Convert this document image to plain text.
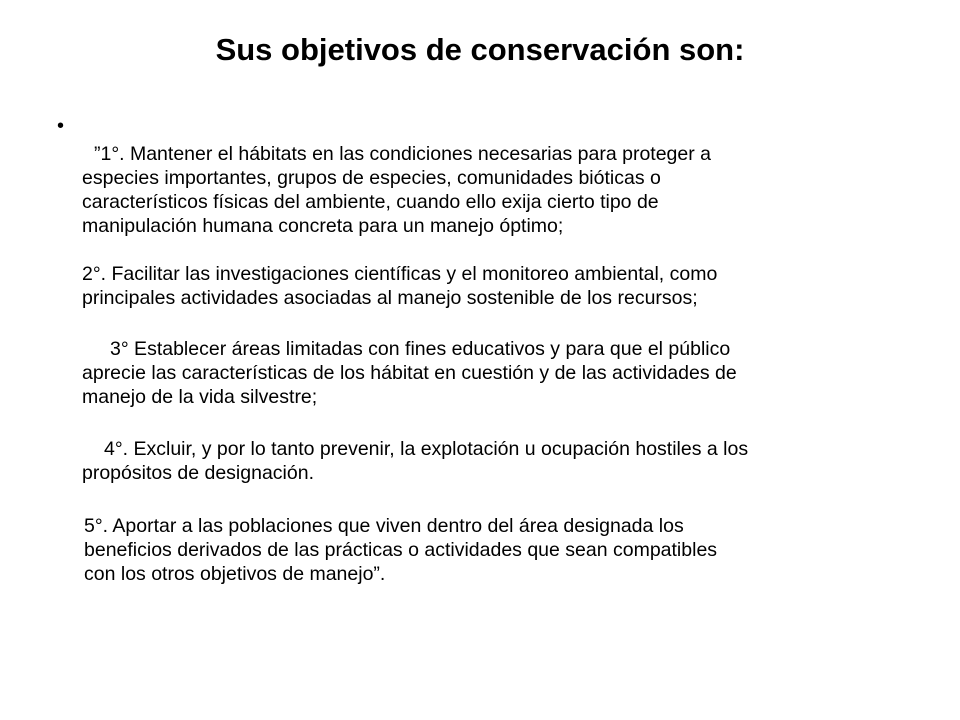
Sus objetivos de conservación son:
•

”1°. Mantener el hábitats en las condiciones necesarias para proteger a
especies importantes, grupos de especies, comunidades bióticas o
característicos físicas del ambiente, cuando ello exija cierto tipo de
manipulación humana concreta para un manejo óptimo;

2°. Facilitar las investigaciones científicas y el monitoreo ambiental, como
principales actividades asociadas al manejo sostenible de los recursos;

3° Establecer áreas limitadas con fines educativos y para que el público
aprecie las características de los hábitat en cuestión y de las actividades de
manejo de la vida silvestre;

4°. Excluir, y por lo tanto prevenir, la explotación u ocupación hostiles a los
propósitos de designación.

5°. Aportar a las poblaciones que viven dentro del área designada los
beneficios derivados de las prácticas o actividades que sean compatibles
con los otros objetivos de manejo”.
